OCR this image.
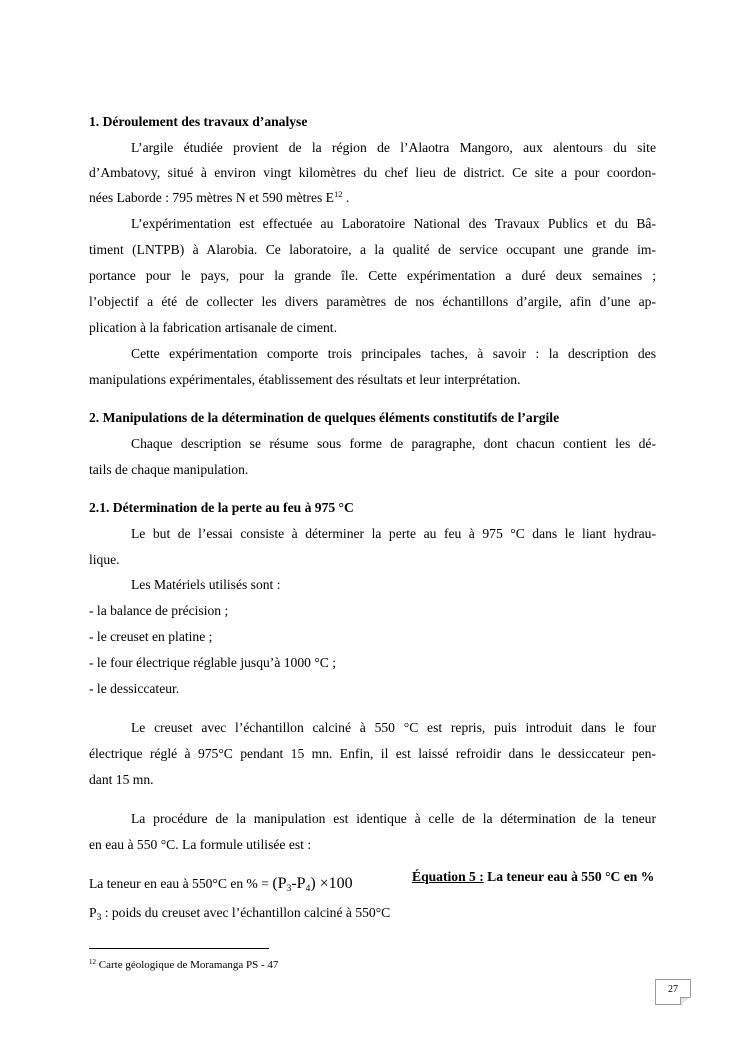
1. Déroulement des travaux d’analyse
L’argile étudiée provient de la région de l’Alaotra Mangoro, aux alentours du site
d’Ambatovy, situé à environ vingt kilomètres du chef lieu de district. Ce site a pour coordon-
nées Laborde : 795 mètres N et 590 mètres $E^{12}$ .
L’expérimentation est effectuée au Laboratoire National des Travaux Publics et du Bâ-
timent (LNTPB) à Alarobia. Ce laboratoire, a la qualité de service occupant une grande im-
portance pour le pays, pour la grande île. Cette expérimentation a duré deux semaines ;
l’objectif a été de collecter les divers paramètres de nos échantillons d’argile, afin d’une ap-
plication à la fabrication artisanale de ciment.
Cette expérimentation comporte trois principales taches, à savoir : la description des
manipulations expérimentales, établissement des résultats et leur interprétation.
2. Manipulations de la détermination de quelques éléments constitutifs de l’argile
Chaque description se résume sous forme de paragraphe, dont chacun contient les dé-
tails de chaque manipulation.
2.1. Détermination de la perte au feu à 975 °C
Le but de l’essai consiste à déterminer la perte au feu à 975 °C dans le liant hydrau-
lique.
Les Matériels utilisés sont :
- la balance de précision ;
- le creuset en platine ;
- le four électrique réglable jusqu’à 1000 °C ;
- le dessiccateur.
Le creuset avec l’échantillon calciné à 550 °C est repris, puis introduit dans le four
électrique réglé à 975°C pendant 15 mn. Enfin, il est laissé refroidir dans le dessiccateur pen-
dant 15 mn.
La procédure de la manipulation est identique à celle de la détermination de la teneur
en eau à 550 °C. La formule utilisée est :
La teneur en eau à 550°C en % = $(P_3-P_4) \times 100$	Équation 5 : La teneur eau à 550 °C en %
$P_3$ : poids du creuset avec l’échantillon calciné à 550°C
$^{12}$ Carte géologique de Moramanga PS - 47
27
